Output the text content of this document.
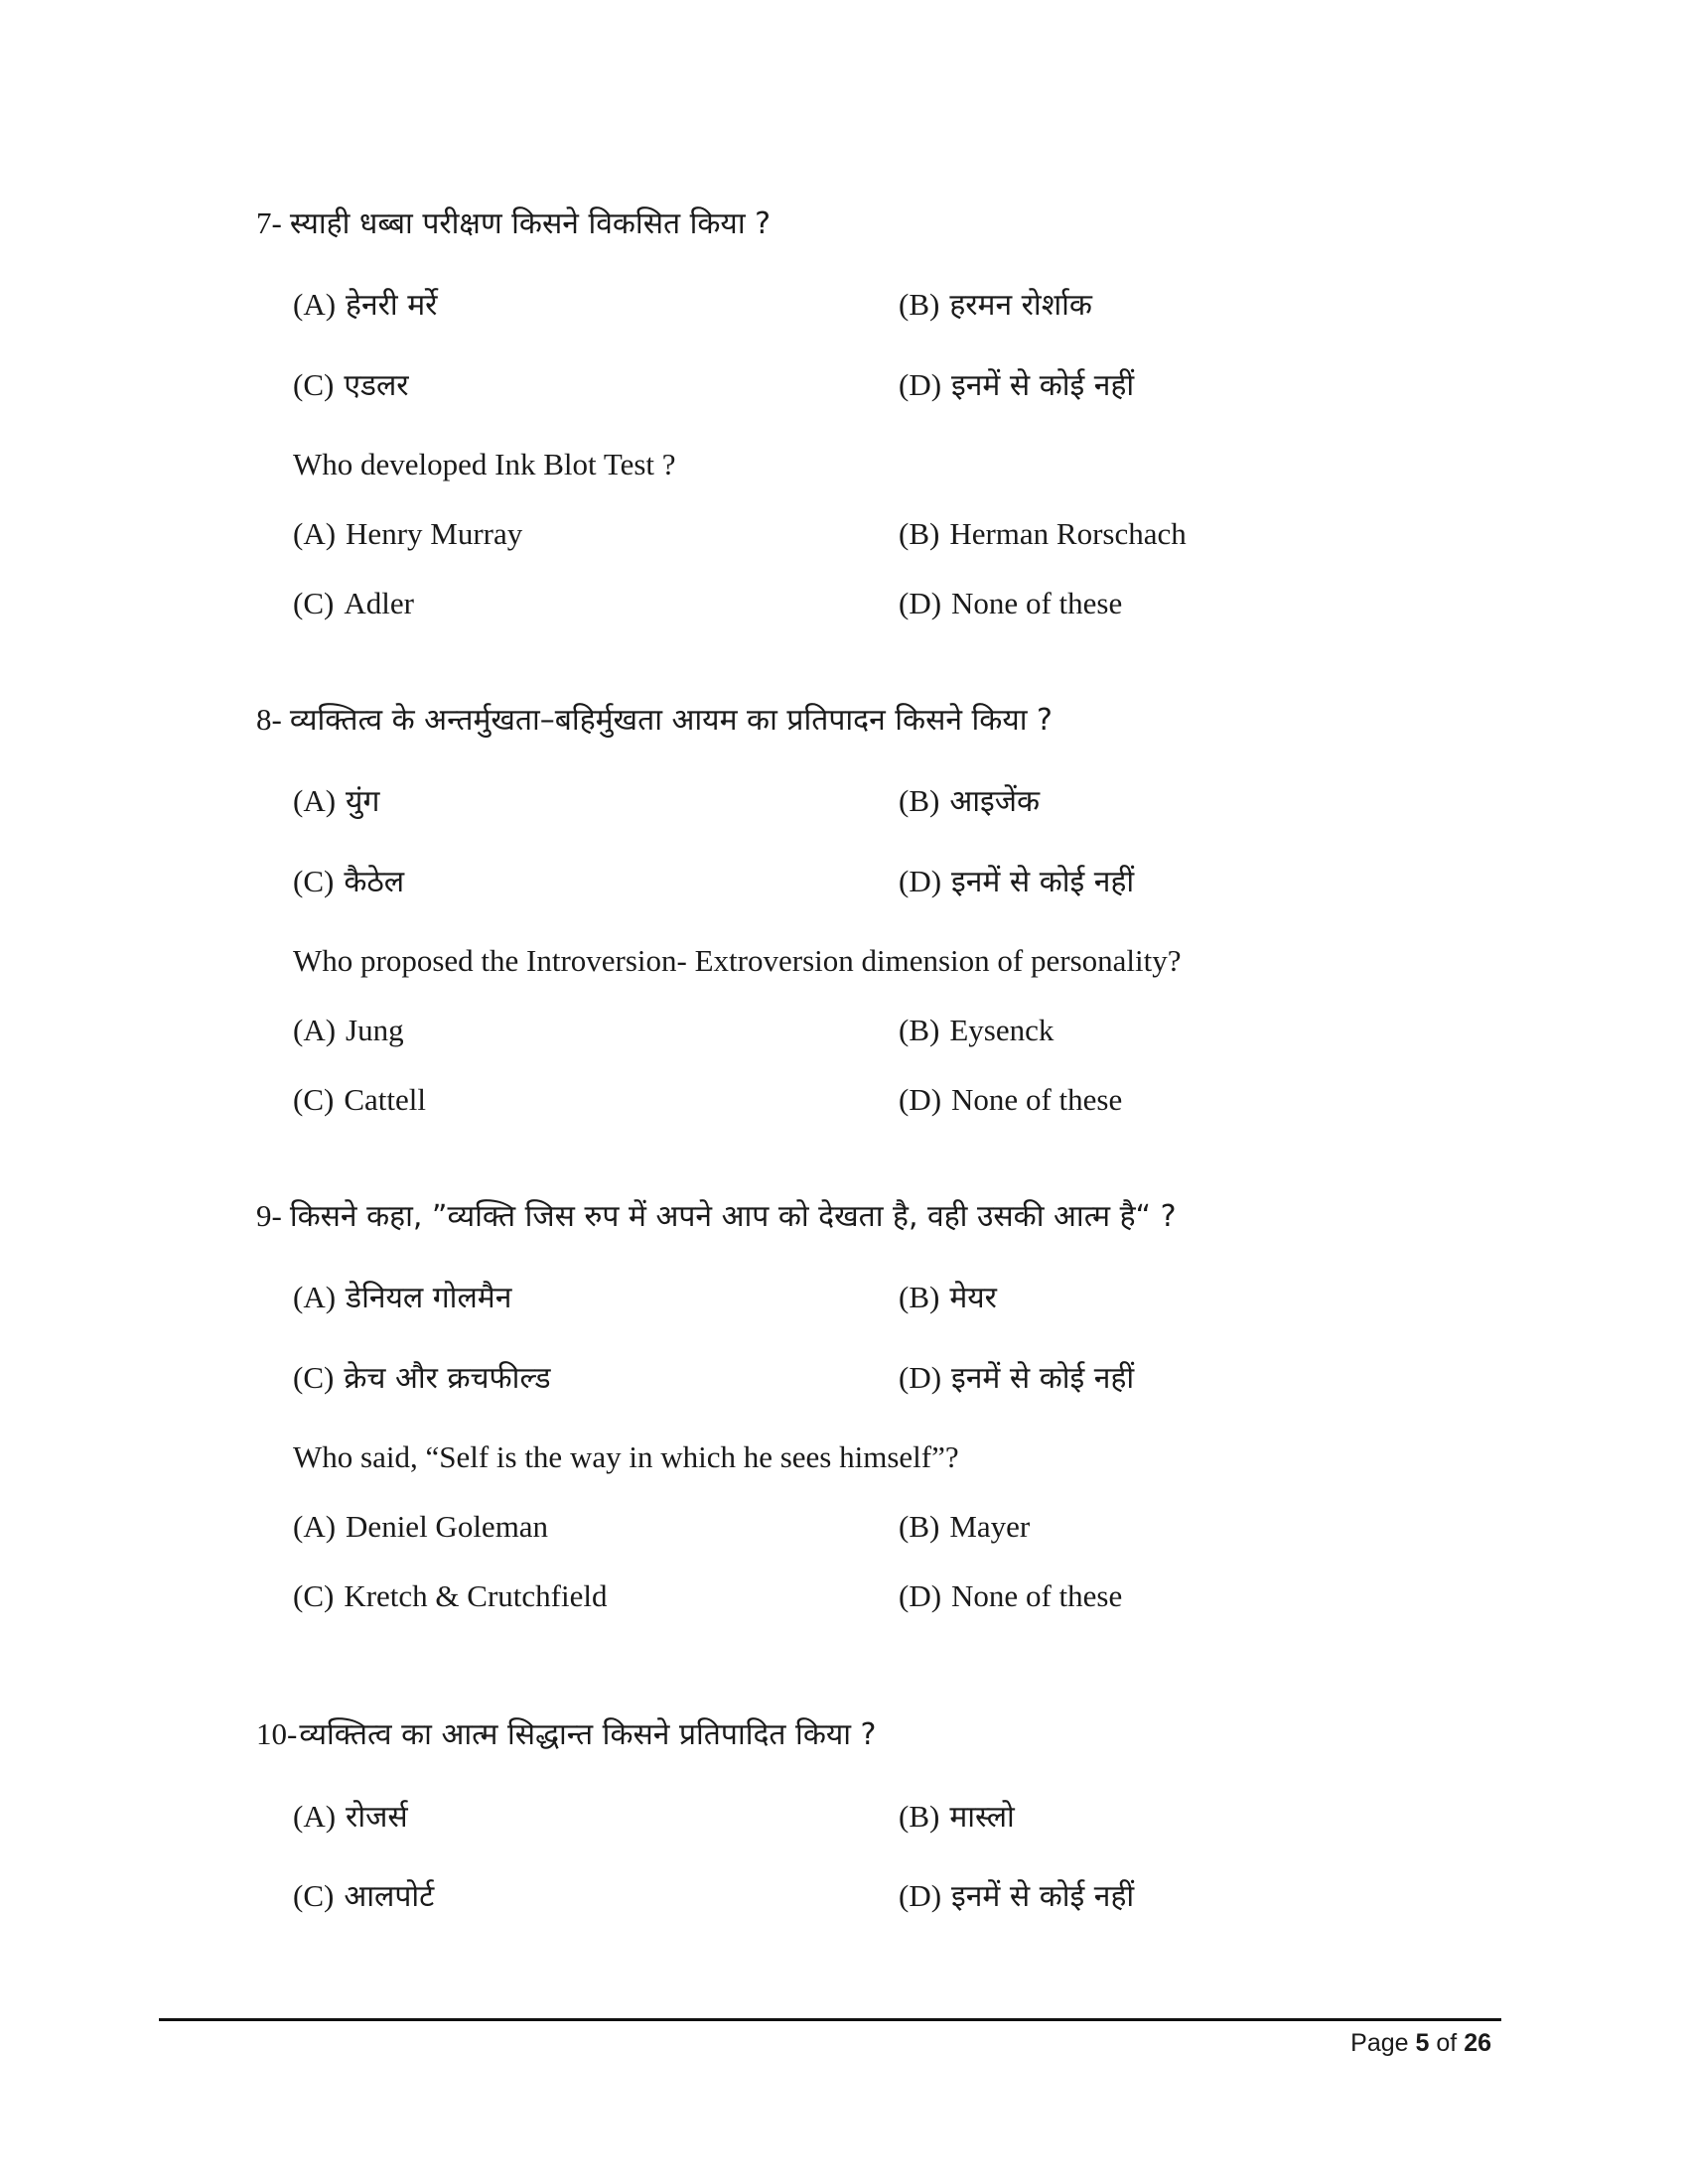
7- स्याही धब्बा परीक्षण किसने विकसित किया ?
(A) हेनरी मर्रे	(B) हरमन रोर्शाक
(C) एडलर	(D) इनमें से कोई नहीं
Who developed Ink Blot Test ?
(A) Henry Murray	(B) Herman Rorschach
(C) Adler	(D) None of these
8- व्यक्तित्व के अन्तर्मुखता–बहिर्मुखता आयम का प्रतिपादन किसने किया ?
(A) युंग	(B) आइजेंक
(C) कैठेल	(D) इनमें से कोई नहीं
Who proposed the Introversion- Extroversion dimension of personality?
(A) Jung	(B) Eysenck
(C) Cattell	(D) None of these
9- किसने कहा, ”व्यक्ति जिस रुप में अपने आप को देखता है, वही उसकी आत्म है“ ?
(A) डेनियल गोलमैन	(B) मेयर
(C) क्रेच और क्रचफील्ड	(D) इनमें से कोई नहीं
Who said, “Self is the way in which he sees himself”?
(A) Deniel Goleman	(B) Mayer
(C) Kretch & Crutchfield	(D) None of these
10-व्यक्तित्व का आत्म सिद्धान्त किसने प्रतिपादित किया ?
(A) रोजर्स	(B) मास्लो
(C) आलपोर्ट	(D) इनमें से कोई नहीं
Page 5 of 26
